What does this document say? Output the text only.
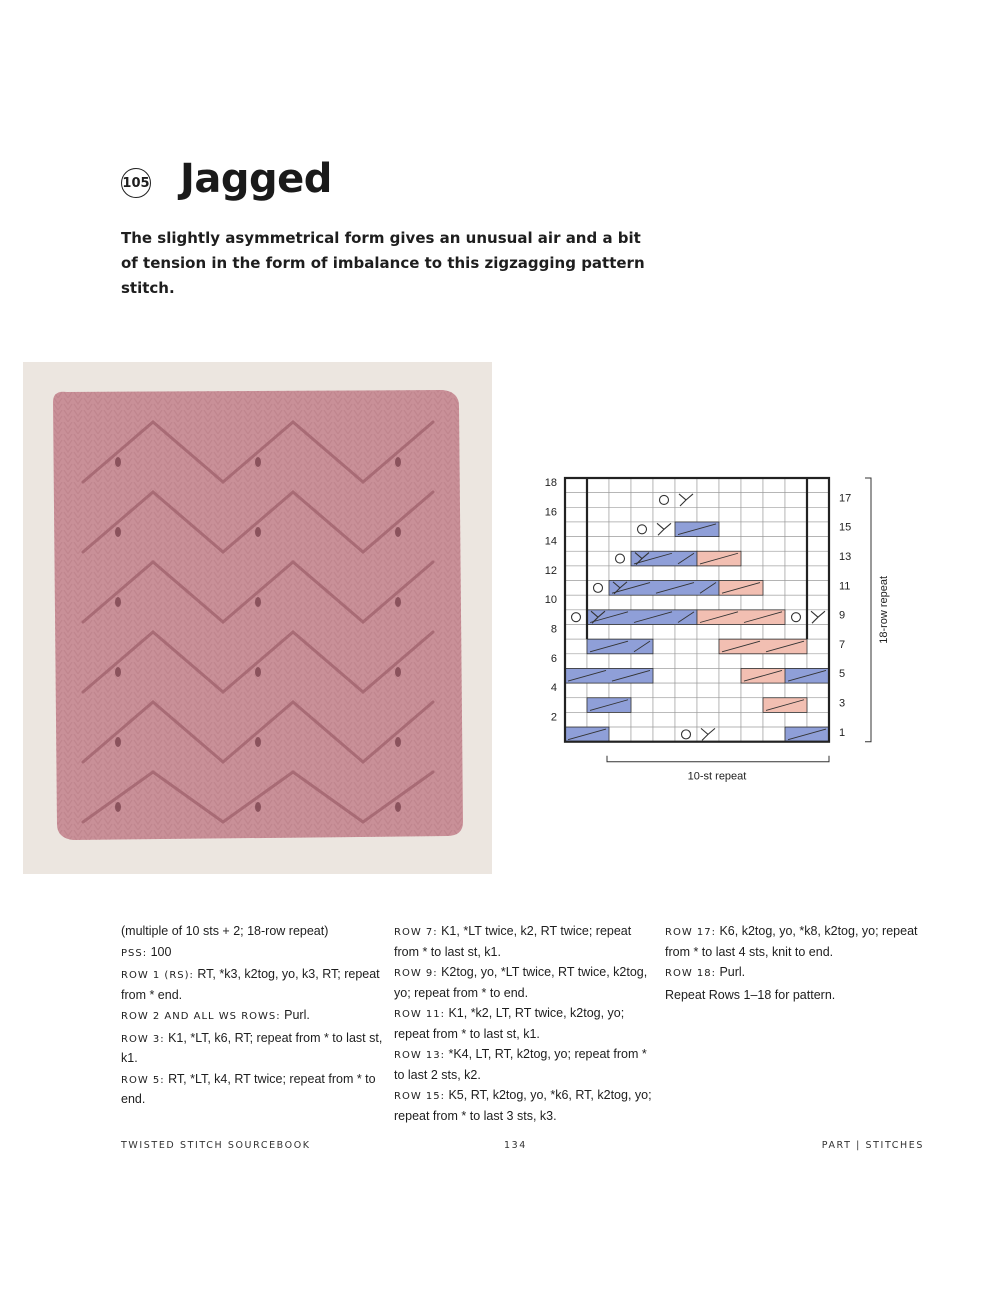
105 Jagged

The slightly asymmetrical form gives an unusual air and a bit of tension in the form of imbalance to this zigzagging pattern stitch.

18
16
14
12
10
8
6
4
2
17
15
13
11
9
7
5
3
1
18-row repeat
10-st repeat

(multiple of 10 sts + 2; 18-row repeat)

PSS: 100

ROW 1 (RS): RT, *k3, k2tog, yo, k3, RT; repeat from * end.

ROW 2 AND ALL WS ROWS: Purl.

ROW 3: K1, *LT, k6, RT; repeat from * to last st, k1.

ROW 5: RT, *LT, k4, RT twice; repeat from * to end.

ROW 7: K1, *LT twice, k2, RT twice; repeat from * to last st, k1.

ROW 9: K2tog, yo, *LT twice, RT twice, k2tog, yo; repeat from * to end.

ROW 11: K1, *k2, LT, RT twice, k2tog, yo; repeat from * to last st, k1.

ROW 13: *K4, LT, RT, k2tog, yo; repeat from * to last 2 sts, k2.

ROW 15: K5, RT, k2tog, yo, *k6, RT, k2tog, yo; repeat from * to last 3 sts, k3.

ROW 17: K6, k2tog, yo, *k8, k2tog, yo; repeat from * to last 4 sts, knit to end.

ROW 18: Purl.

Repeat Rows 1–18 for pattern.

TWISTED STITCH SOURCEBOOK	134	PART | STITCHES
